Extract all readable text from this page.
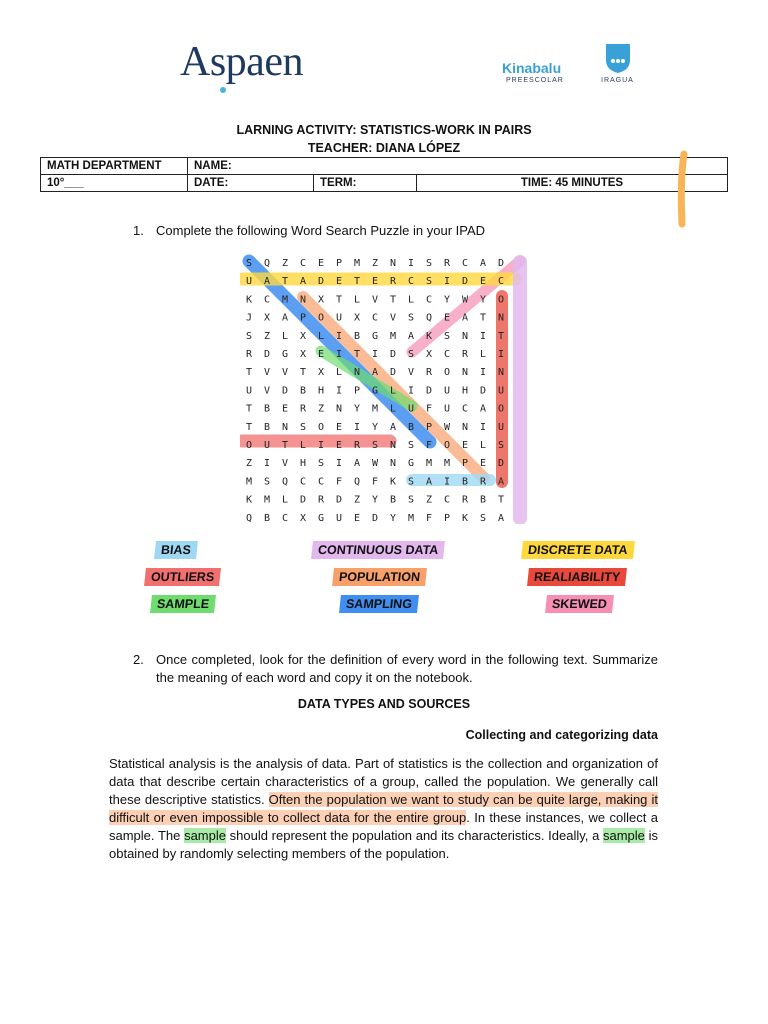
Aspaen	Kinabalu
PREESCOLAR	IRAGUA
LARNING ACTIVITY: STATISTICS-WORK IN PAIRS
TEACHER: DIANA LÓPEZ
MATH DEPARTMENT	NAME:		
10°___	DATE:	TERM:	TIME: 45 MINUTES
1. Complete the following Word Search Puzzle in your IPAD
S Q Z C E P M Z N I S R C A D
U A T A D E T E R C S I D E C
K C M N X T L V T L C Y W Y O
J X A P O U X C V S Q E A T N
S Z L X L I B G M A K S N I T
R D G X E I T I D S X C R L I
T V V T X L N A D V R O N I N
U V D B H I P G L I D U H D U
T B E R Z N Y M L U F U C A O
T B N S O E I Y A B P W N I U
O U T L I E R S N S F O E L S
Z I V H S I A W N G M M P E D
M S Q C C F Q F K S A I B R A
K M L D R D Z Y B S Z C R B T
Q B C X G U E D Y M F P K S A
BIAS	CONTINUOUS DATA	DISCRETE DATA
OUTLIERS	POPULATION	REALIABILITY
SAMPLE	SAMPLING	SKEWED
2. Once completed, look for the definition of every word in the following text. Summarize the meaning of each word and copy it on the notebook.
DATA TYPES AND SOURCES
Collecting and categorizing data
Statistical analysis is the analysis of data. Part of statistics is the collection and organization of data that describe certain characteristics of a group, called the population. We generally call these descriptive statistics. Often the population we want to study can be quite large, making it difficult or even impossible to collect data for the entire group. In these instances, we collect a sample. The sample should represent the population and its characteristics. Ideally, a sample is obtained by randomly selecting members of the population.
